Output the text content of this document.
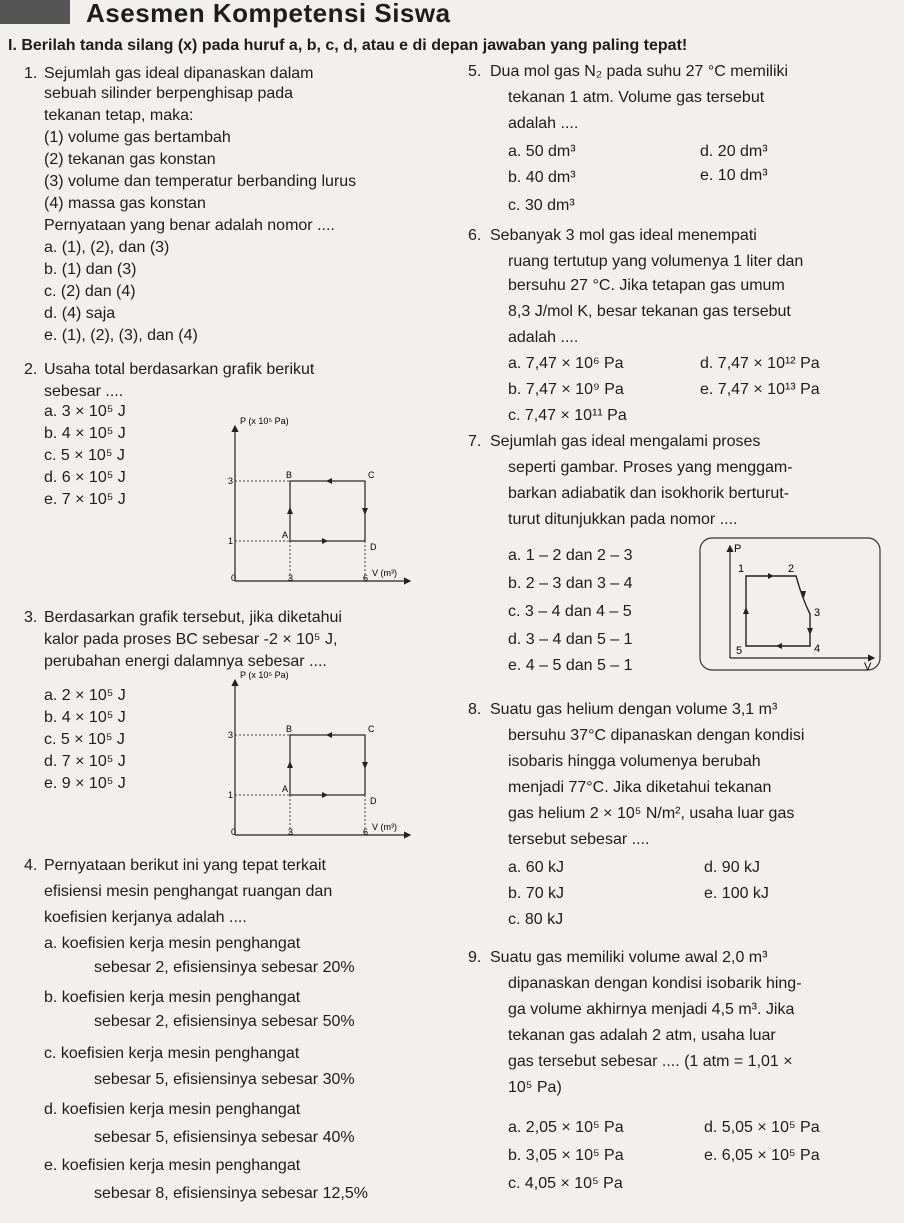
Asesmen Kompetensi Siswa
I. Berilah tanda silang (x) pada huruf a, b, c, d, atau e di depan jawaban yang paling tepat!
1. Sejumlah gas ideal dipanaskan dalam
sebuah silinder berpenghisap pada
tekanan tetap, maka:
(1) volume gas bertambah
(2) tekanan gas konstan
(3) volume dan temperatur berbanding lurus
(4) massa gas konstan
Pernyataan yang benar adalah nomor ....
a. (1), (2), dan (3)
b. (1) dan (3)
c. (2) dan (4)
d. (4) saja
e. (1), (2), (3), dan (4)
2. Usaha total berdasarkan grafik berikut
sebesar ....
a. 3 × 10⁵ J
b. 4 × 10⁵ J
c. 5 × 10⁵ J
d. 6 × 10⁵ J
e. 7 × 10⁵ J
P (x 10⁵ Pa)
V (m³)
0	3	6
1
3
B	C
A
D
3. Berdasarkan grafik tersebut, jika diketahui
kalor pada proses BC sebesar -2 × 10⁵ J,
perubahan energi dalamnya sebesar ....
a. 2 × 10⁵ J
b. 4 × 10⁵ J
c. 5 × 10⁵ J
d. 7 × 10⁵ J
e. 9 × 10⁵ J
P (x 10⁵ Pa)
V (m³)
0	3	6
1
3
B	C
A
D
4. Pernyataan berikut ini yang tepat terkait
efisiensi mesin penghangat ruangan dan
koefisien kerjanya adalah ....
a. koefisien kerja mesin penghangat
sebesar 2, efisiensinya sebesar 20%
b. koefisien kerja mesin penghangat
sebesar 2, efisiensinya sebesar 50%
c. koefisien kerja mesin penghangat
sebesar 5, efisiensinya sebesar 30%
d. koefisien kerja mesin penghangat
sebesar 5, efisiensinya sebesar 40%
e. koefisien kerja mesin penghangat
sebesar 8, efisiensinya sebesar 12,5%
5. Dua mol gas N₂ pada suhu 27 °C memiliki
tekanan 1 atm. Volume gas tersebut
adalah ....
a. 50 dm³
b. 40 dm³
c. 30 dm³
d. 20 dm³
e. 10 dm³
6. Sebanyak 3 mol gas ideal menempati
ruang tertutup yang volumenya 1 liter dan
bersuhu 27 °C. Jika tetapan gas umum
8,3 J/mol K, besar tekanan gas tersebut
adalah ....
a. 7,47 × 10⁶ Pa
b. 7,47 × 10⁹ Pa
c. 7,47 × 10¹¹ Pa
d. 7,47 × 10¹² Pa
e. 7,47 × 10¹³ Pa
7. Sejumlah gas ideal mengalami proses
seperti gambar. Proses yang menggam-
barkan adiabatik dan isokhorik berturut-
turut ditunjukkan pada nomor ....
a. 1 – 2 dan 2 – 3
b. 2 – 3 dan 3 – 4
c. 3 – 4 dan 4 – 5
d. 3 – 4 dan 5 – 1
e. 4 – 5 dan 5 – 1
P
V
1	2
3
4
5
8. Suatu gas helium dengan volume 3,1 m³
bersuhu 37°C dipanaskan dengan kondisi
isobaris hingga volumenya berubah
menjadi 77°C. Jika diketahui tekanan
gas helium 2 × 10⁵ N/m², usaha luar gas
tersebut sebesar ....
a. 60 kJ
b. 70 kJ
c. 80 kJ
d. 90 kJ
e. 100 kJ
9. Suatu gas memiliki volume awal 2,0 m³
dipanaskan dengan kondisi isobarik hing-
ga volume akhirnya menjadi 4,5 m³. Jika
tekanan gas adalah 2 atm, usaha luar
gas tersebut sebesar .... (1 atm = 1,01 ×
10⁵ Pa)
a. 2,05 × 10⁵ Pa
b. 3,05 × 10⁵ Pa
c. 4,05 × 10⁵ Pa
d. 5,05 × 10⁵ Pa
e. 6,05 × 10⁵ Pa
